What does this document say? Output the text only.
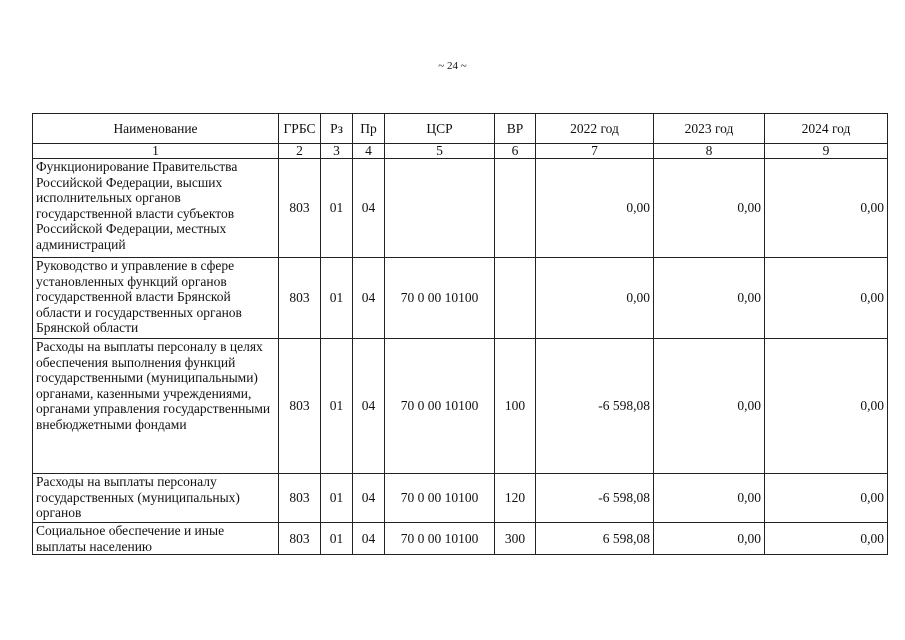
~ 24 ~
Наименование	ГРБС	Рз	Пр	ЦСР	ВР	2022 год	2023 год	2024 год
1	2	3	4	5	6	7	8	9
Функционирование Правительства Российской Федерации, высших исполнительных органов государственной власти субъектов Российской Федерации, местных администраций	803	01	04			0,00	0,00	0,00
Руководство и управление в сфере установленных функций органов государственной власти Брянской области и государственных органов Брянской области	803	01	04	70 0 00 10100		0,00	0,00	0,00
Расходы на выплаты персоналу в целях обеспечения выполнения функций государственными (муниципальными) органами, казенными учреждениями, органами управления государственными внебюджетными фондами	803	01	04	70 0 00 10100	100	-6 598,08	0,00	0,00
Расходы на выплаты персоналу государственных (муниципальных) органов	803	01	04	70 0 00 10100	120	-6 598,08	0,00	0,00
Социальное обеспечение и иные выплаты населению	803	01	04	70 0 00 10100	300	6 598,08	0,00	0,00
